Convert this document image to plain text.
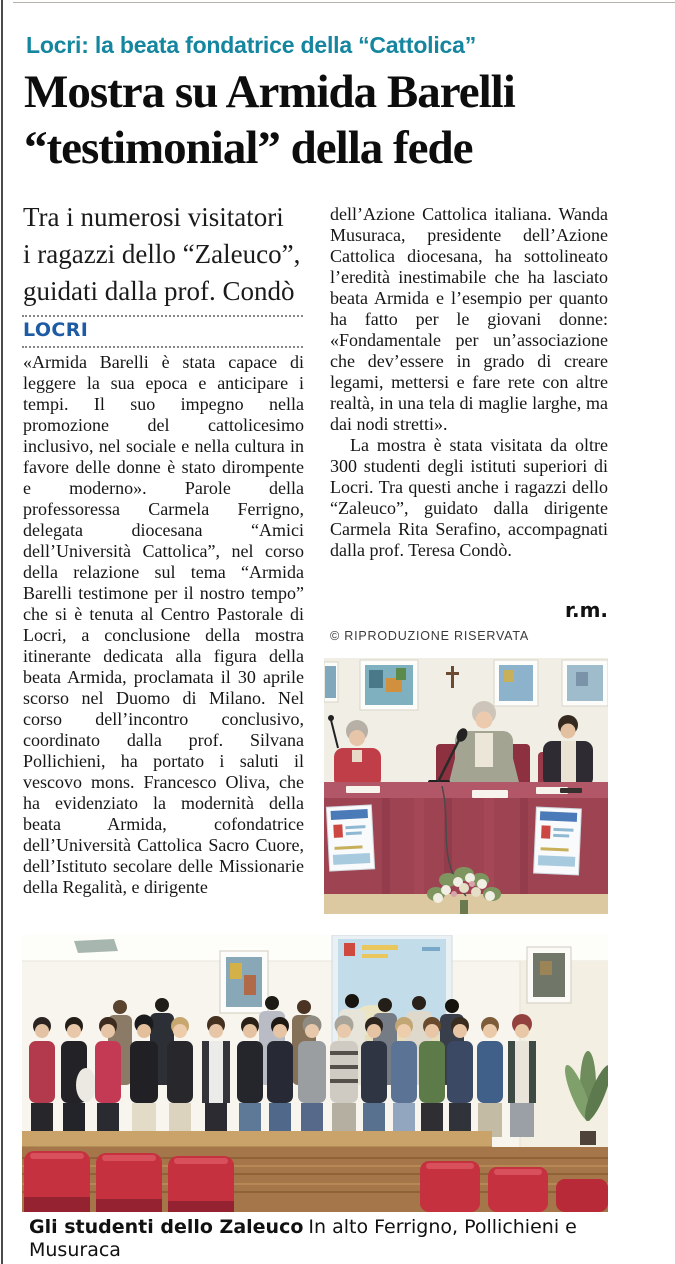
Locri: la beata fondatrice della “Cattolica”
Mostra su Armida Barelli
“testimonial” della fede
Tra i numerosi visitatori
i ragazzi dello “Zaleuco”,
guidati dalla prof. Condò
LOCRI
«Armida Barelli è stata capace di leggere la sua epoca e anticipare i tempi. Il suo impegno nella promozione del cattolicesimo inclusivo, nel sociale e nella cultura in favore delle donne è stato dirompente e moderno». Parole della professoressa Carmela Ferrigno, delegata diocesana “Amici dell’Università Cattolica”, nel corso della relazione sul tema “Armida Barelli testimone per il nostro tempo” che si è tenuta al Centro Pastorale di Locri, a conclusione della mostra itinerante dedicata alla figura della beata Armida, proclamata il 30 aprile scorso nel Duomo di Milano. Nel corso dell’incontro conclusivo, coordinato dalla prof. Silvana Pollichieni, ha portato i saluti il vescovo mons. Francesco Oliva, che ha evidenziato la modernità della beata Armida, cofondatrice dell’Università Cattolica Sacro Cuore, dell’Istituto secolare delle Missionarie della Regalità, e dirigente

dell’Azione Cattolica italiana. Wanda Musuraca, presidente dell’Azione Cattolica diocesana, ha sottolineato l’eredità inestimabile che ha lasciato beata Armida e l’esempio per quanto ha fatto per le giovani donne: «Fondamentale per un’associazione che dev’essere in grado di creare legami, mettersi e fare rete con altre realtà, in una tela di maglie larghe, ma dai nodi stretti».

La mostra è stata visitata da oltre 300 studenti degli istituti superiori di Locri. Tra questi anche i ragazzi dello “Zaleuco”, guidato dalla dirigente Carmela Rita Serafino, accompagnati dalla prof. Teresa Condò.

r.m.
© RIPRODUZIONE RISERVATA
Gli studenti dello Zaleuco In alto Ferrigno, Pollichieni e Musuraca
